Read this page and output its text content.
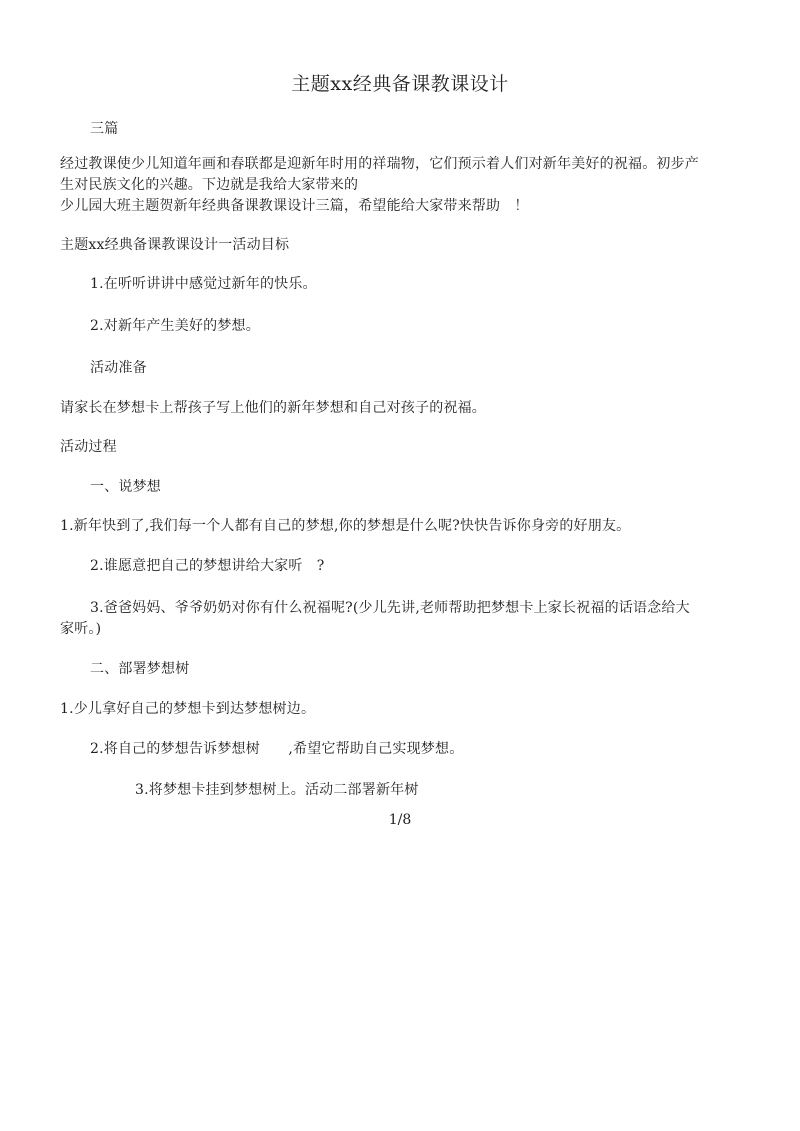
主题xx经典备课教课设计
三篇
经过教课使少儿知道年画和春联都是迎新年时用的祥瑞物，它们预示着人们对新年美好的祝福。初步产
生对民族文化的兴趣。下边就是我给大家带来的
少儿园大班主题贺新年经典备课教课设计三篇，希望能给大家带来帮助　！
主题xx经典备课教课设计一活动目标
1.在听听讲讲中感觉过新年的快乐。
2.对新年产生美好的梦想。
活动准备
请家长在梦想卡上帮孩子写上他们的新年梦想和自己对孩子的祝福。
活动过程
一、说梦想
1.新年快到了,我们每一个人都有自己的梦想,你的梦想是什么呢?快快告诉你身旁的好朋友。
2.谁愿意把自己的梦想讲给大家听　?
3.爸爸妈妈、爷爷奶奶对你有什么祝福呢?(少儿先讲,老师帮助把梦想卡上家长祝福的话语念给大
家听。)
二、部署梦想树
1.少儿拿好自己的梦想卡到达梦想树边。
2.将自己的梦想告诉梦想树　　,希望它帮助自己实现梦想。
3.将梦想卡挂到梦想树上。活动二部署新年树
1/8
